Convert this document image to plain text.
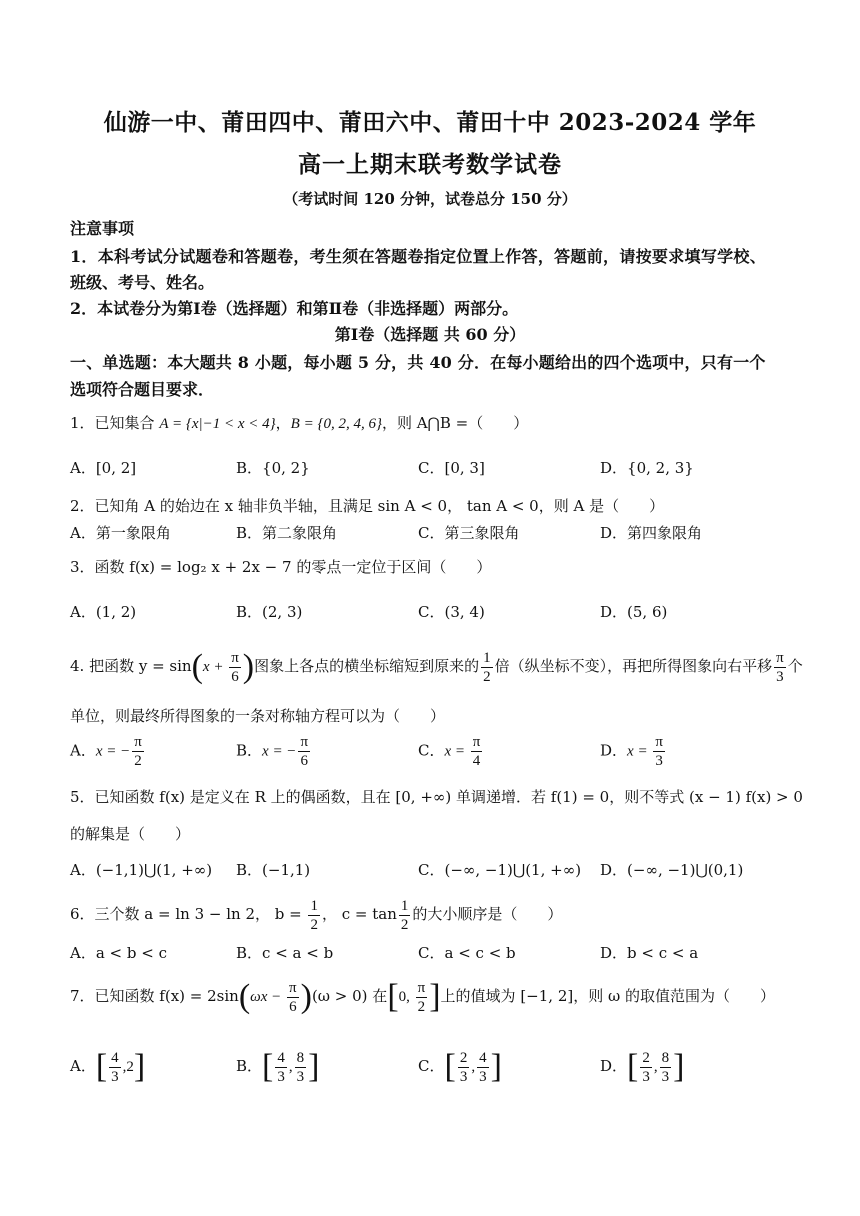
仙游一中、莆田四中、莆田六中、莆田十中 2023-2024 学年
高一上期末联考数学试卷
（考试时间 120 分钟，试卷总分 150 分）
注意事项
1．本科考试分试题卷和答题卷，考生须在答题卷指定位置上作答，答题前，请按要求填写学校、
班级、考号、姓名。
2．本试卷分为第Ⅰ卷（选择题）和第Ⅱ卷（非选择题）两部分。
第Ⅰ卷（选择题 共 60 分）
一、单选题：本大题共 8 小题，每小题 5 分，共 40 分．在每小题给出的四个选项中，只有一个
选项符合题目要求．
1．已知集合 A = {x|−1 < x < 4}，B = {0, 2, 4, 6}，则 A⋂B =（　　）
A．[0, 2]	B．{0, 2}	C．[0, 3]	D．{0, 2, 3}
2．已知角 A 的始边在 x 轴非负半轴，且满足 sin A < 0， tan A < 0，则 A 是（　　）
A．第一象限角	B．第二象限角	C．第三象限角	D．第四象限角
3．函数 f(x) = log₂ x + 2x − 7 的零点一定位于区间（　　）
A．(1, 2)	B．(2, 3)	C．(3, 4)	D．(5, 6)
4. 把函数 $y = \sin(x + \frac{\pi}{6}$ )图象上各点的横坐标缩短到原来的 $\frac{1}{2}$ 倍（纵坐标不变），再把所得图象向右平移 $\frac{\pi}{3}$ 个
单位，则最终所得图象的一条对称轴方程可以为（　　）
A．x = − $\frac{\pi}{2}$	B．x = − $\frac{\pi}{6}$	C．$x = \frac{\pi}{4}$	D．$x = \frac{\pi}{3}$
5．已知函数 f(x) 是定义在 R 上的偶函数，且在 [0, +∞) 单调递增．若 f(1) = 0，则不等式 (x − 1) f(x) > 0
的解集是（　　）
A．(−1,1)⋃(1, +∞) B．(−1,1)	C．(−∞, −1)⋃(1, +∞) D．(−∞, −1)⋃(0,1)
6．三个数 a = ln 3 − ln 2， $b = \frac{1}{2}$ ， $c = \tan \frac{1}{2}$ 的大小顺序是（　　）
A．a < b < c	B．c < a < b	C．a < c < b	D．b < c < a
7．已知函数 $f(x) = 2\sin(\omega x - \frac{\pi}{6} )(\omega > 0)$ 在[0, $\frac{\pi}{2}$ ]上的值域为 [−1, 2]，则 ω 的取值范围为（　　）
A．[ $\frac{4}{3} ,2$]	B．[ $\frac{4}{3}$ , $\frac{8}{3}$ ]	C．[ $\frac{2}{3}$ , $\frac{4}{3}$ ]	D．[ $\frac{2}{3}$ , $\frac{8}{3}$ ]
